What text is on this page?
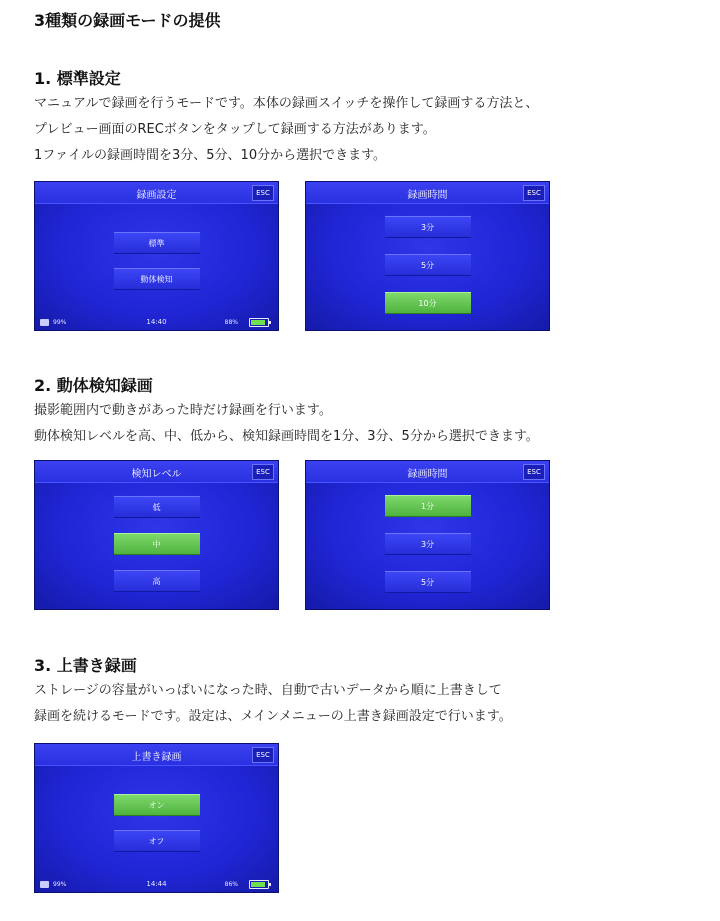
3種類の録画モードの提供
1. 標準設定
マニュアルで録画を行うモードです。本体の録画スイッチを操作して録画する方法と、
プレビュー画面のRECボタンをタップして録画する方法があります。
1ファイルの録画時間を3分、5分、10分から選択できます。
録画設定	ESC
標準
動体検知
99%	14:40	88%
録画時間	ESC
3分
5分
10分
2. 動体検知録画
撮影範囲内で動きがあった時だけ録画を行います。
動体検知レベルを高、中、低から、検知録画時間を1分、3分、5分から選択できます。
検知レベル	ESC
低
中
高
録画時間	ESC
1分
3分
5分
3. 上書き録画
ストレージの容量がいっぱいになった時、自動で古いデータから順に上書きして
録画を続けるモードです。設定は、メインメニューの上書き録画設定で行います。
上書き録画	ESC
オン
オフ
99%	14:44	86%
